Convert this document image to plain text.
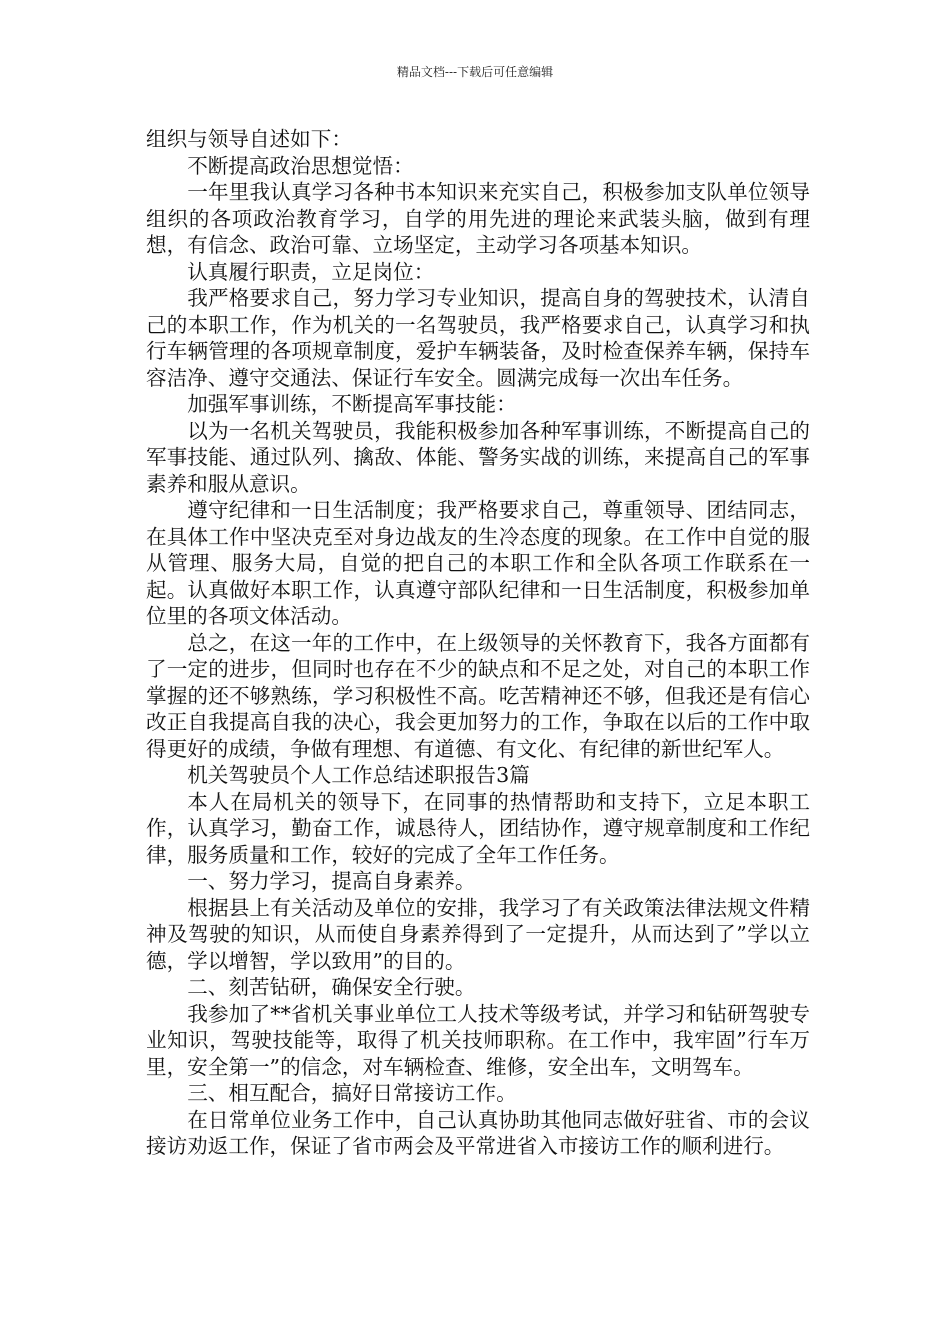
精品文档---下载后可任意编辑

组织与领导自述如下：

不断提高政治思想觉悟：

一年里我认真学习各种书本知识来充实自己，积极参加支队单位领导组织的各项政治教育学习，自学的用先进的理论来武装头脑，做到有理想，有信念、政治可靠、立场坚定，主动学习各项基本知识。

认真履行职责，立足岗位：

我严格要求自己，努力学习专业知识，提高自身的驾驶技术，认清自己的本职工作，作为机关的一名驾驶员，我严格要求自己，认真学习和执行车辆管理的各项规章制度，爱护车辆装备，及时检查保养车辆，保持车容洁净、遵守交通法、保证行车安全。圆满完成每一次出车任务。

加强军事训练，不断提高军事技能：

以为一名机关驾驶员，我能积极参加各种军事训练，不断提高自己的军事技能、通过队列、擒敌、体能、警务实战的训练，来提高自己的军事素养和服从意识。

遵守纪律和一日生活制度；我严格要求自己，尊重领导、团结同志，在具体工作中坚决克至对身边战友的生冷态度的现象。在工作中自觉的服从管理、服务大局，自觉的把自己的本职工作和全队各项工作联系在一起。认真做好本职工作，认真遵守部队纪律和一日生活制度，积极参加单位里的各项文体活动。

总之，在这一年的工作中，在上级领导的关怀教育下，我各方面都有了一定的进步，但同时也存在不少的缺点和不足之处，对自己的本职工作掌握的还不够熟练，学习积极性不高。吃苦精神还不够，但我还是有信心改正自我提高自我的决心，我会更加努力的工作，争取在以后的工作中取得更好的成绩，争做有理想、有道德、有文化、有纪律的新世纪军人。

机关驾驶员个人工作总结述职报告3篇

本人在局机关的领导下，在同事的热情帮助和支持下，立足本职工作，认真学习，勤奋工作，诚恳待人，团结协作，遵守规章制度和工作纪律，服务质量和工作，较好的完成了全年工作任务。

一、努力学习，提高自身素养。

根据县上有关活动及单位的安排，我学习了有关政策法律法规文件精神及驾驶的知识，从而使自身素养得到了一定提升，从而达到了”学以立德，学以增智，学以致用”的目的。

二、刻苦钻研，确保安全行驶。

我参加了**省机关事业单位工人技术等级考试，并学习和钻研驾驶专业知识，驾驶技能等，取得了机关技师职称。在工作中，我牢固”行车万里，安全第一”的信念，对车辆检查、维修，安全出车，文明驾车。

三、相互配合，搞好日常接访工作。

在日常单位业务工作中，自己认真协助其他同志做好驻省、市的会议接访劝返工作，保证了省市两会及平常进省入市接访工作的顺利进行。
